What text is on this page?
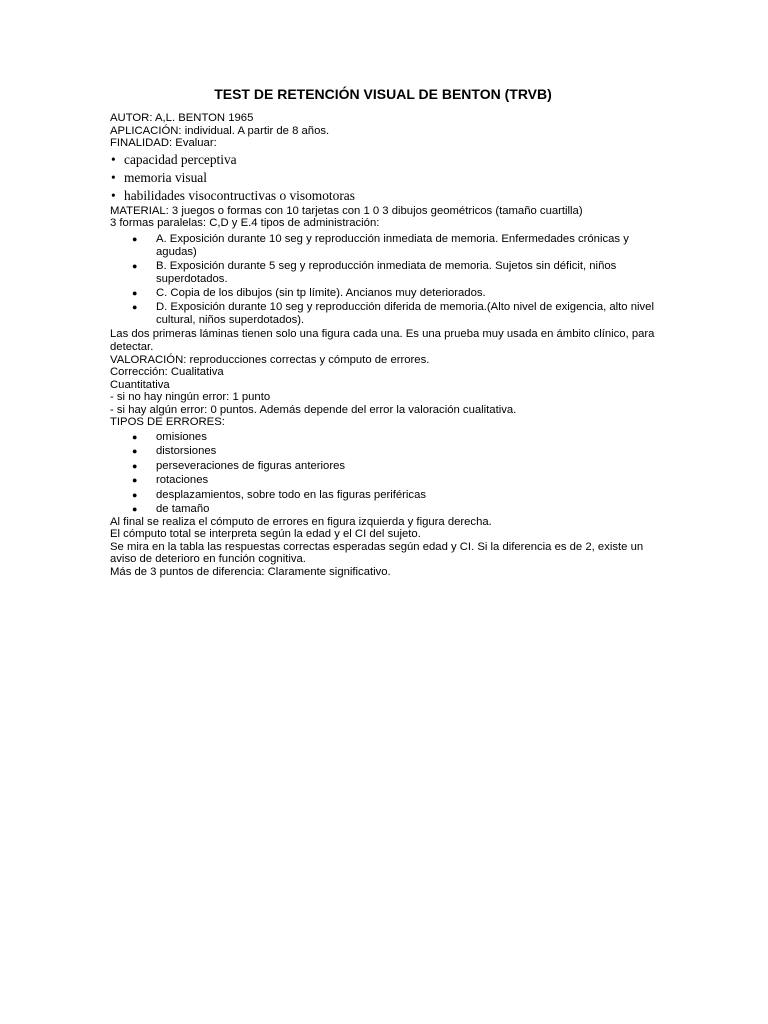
TEST DE RETENCIÓN VISUAL DE BENTON (TRVB)

AUTOR: A,L. BENTON 1965

APLICACIÓN: individual. A partir de 8 años.

FINALIDAD: Evaluar:

• capacidad perceptiva
• memoria visual
• habilidades visocontructivas o visomotoras

MATERIAL: 3 juegos o formas con 10 tarjetas con 1 0 3 dibujos geométricos (tamaño cuartilla)

3 formas paralelas: C,D y E.4 tipos de administración:

● A. Exposición durante 10 seg y reproducción inmediata de memoria. Enfermedades crónicas y agudas)
● B. Exposición durante 5 seg y reproducción inmediata de memoria. Sujetos sin déficit, niños superdotados.
● C. Copia de los dibujos (sin tp límite). Ancianos muy deteriorados.
● D. Exposición durante 10 seg y reproducción diferida de memoria.(Alto nivel de exigencia, alto nivel cultural, niños superdotados).

Las dos primeras láminas tienen solo una figura cada una. Es una prueba muy usada en ámbito clínico, para detectar.

VALORACIÓN: reproducciones correctas y cómputo de errores.

Corrección: Cualitativa

Cuantitativa

- si no hay ningún error: 1 punto

- si hay algún error: 0 puntos. Además depende del error la valoración cualitativa.

TIPOS DE ERRORES:

● omisiones
● distorsiones
● perseveraciones de figuras anteriores
● rotaciones
● desplazamientos, sobre todo en las figuras periféricas
● de tamaño

Al final se realiza el cómputo de errores en figura izquierda y figura derecha.

El cómputo total se interpreta según la edad y el CI del sujeto.

Se mira en la tabla las respuestas correctas esperadas según edad y CI. Si la diferencia es de 2, existe un aviso de deterioro en función cognitiva.

Más de 3 puntos de diferencia: Claramente significativo.
